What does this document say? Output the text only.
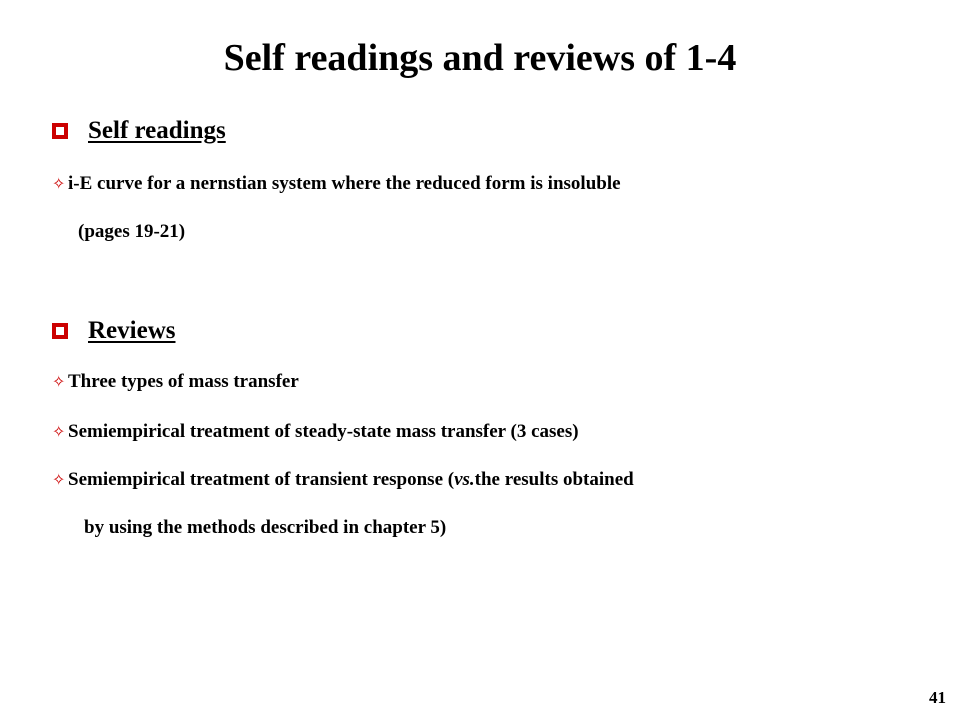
Self readings and reviews of 1-4
Self readings
✧ i-E curve for a nernstian system where the reduced form is insoluble
(pages 19-21)
Reviews
✧ Three types of mass transfer
✧ Semiempirical treatment of steady-state mass transfer (3 cases)
✧ Semiempirical treatment of transient response ( vs. the results obtained
by using the methods described in chapter 5)
41
